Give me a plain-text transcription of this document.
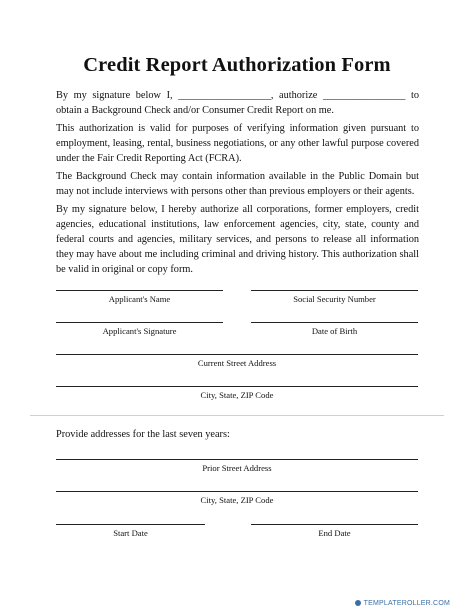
Credit Report Authorization Form
By my signature below I, __________________, authorize ________________ to
obtain a Background Check and/or Consumer Credit Report on me.
This authorization is valid for purposes of verifying information given pursuant to employment, leasing, rental, business negotiations, or any other lawful purpose covered under the Fair Credit Reporting Act (FCRA).
The Background Check may contain information available in the Public Domain but may not include interviews with persons other than previous employers or their agents.
By my signature below, I hereby authorize all corporations, former employers, credit agencies, educational institutions, law enforcement agencies, city, state, county and federal courts and agencies, military services, and persons to release all information they may have about me including criminal and driving history. This authorization shall be valid in original or copy form.
Applicant's Name	Social Security Number
Applicant's Signature	Date of Birth
Current Street Address
City, State, ZIP Code
Provide addresses for the last seven years:
Prior Street Address
City, State, ZIP Code
Start Date	End Date
TEMPLATEROLLER.COM
